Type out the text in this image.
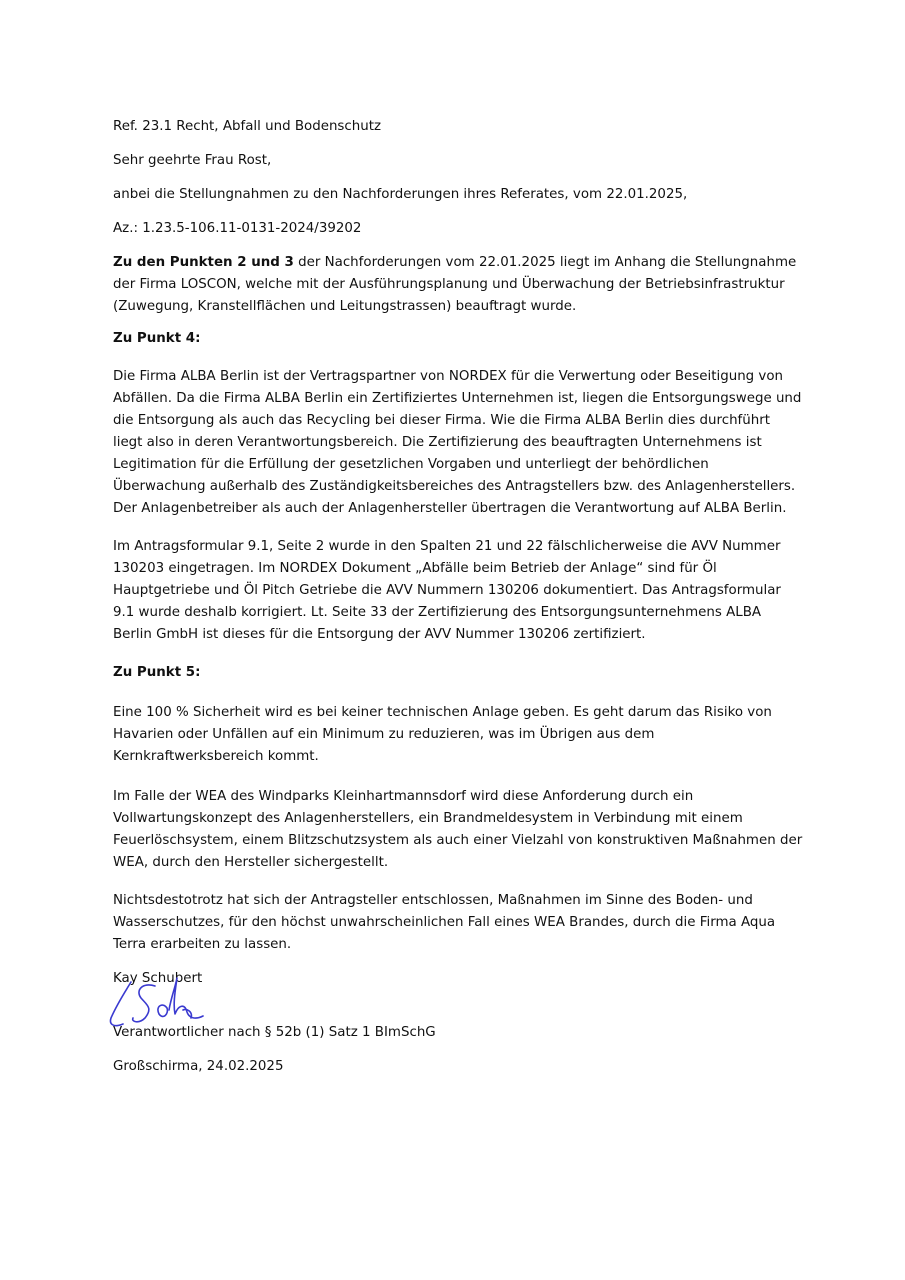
Ref. 23.1 Recht, Abfall und Bodenschutz

Sehr geehrte Frau Rost,

anbei die Stellungnahmen zu den Nachforderungen ihres Referates, vom 22.01.2025,

Az.: 1.23.5-106.11-0131-2024/39202

Zu den Punkten 2 und 3 der Nachforderungen vom 22.01.2025 liegt im Anhang die Stellungnahme der Firma LOSCON, welche mit der Ausführungsplanung und Überwachung der Betriebsinfrastruktur (Zuwegung, Kranstellflächen und Leitungstrassen) beauftragt wurde.

Zu Punkt 4:

Die Firma ALBA Berlin ist der Vertragspartner von NORDEX für die Verwertung oder Beseitigung von Abfällen. Da die Firma ALBA Berlin ein Zertifiziertes Unternehmen ist, liegen die Entsorgungswege und die Entsorgung als auch das Recycling bei dieser Firma. Wie die Firma ALBA Berlin dies durchführt liegt also in deren Verantwortungsbereich. Die Zertifizierung des beauftragten Unternehmens ist Legitimation für die Erfüllung der gesetzlichen Vorgaben und unterliegt der behördlichen Überwachung außerhalb des Zuständigkeitsbereiches des Antragstellers bzw. des Anlagenherstellers. Der Anlagenbetreiber als auch der Anlagenhersteller übertragen die Verantwortung auf ALBA Berlin.

Im Antragsformular 9.1, Seite 2 wurde in den Spalten 21 und 22 fälschlicherweise die AVV Nummer 130203 eingetragen. Im NORDEX Dokument „Abfälle beim Betrieb der Anlage“ sind für Öl Hauptgetriebe und Öl Pitch Getriebe die AVV Nummern 130206 dokumentiert. Das Antragsformular 9.1 wurde deshalb korrigiert. Lt. Seite 33 der Zertifizierung des Entsorgungsunternehmens ALBA Berlin GmbH ist dieses für die Entsorgung der AVV Nummer 130206 zertifiziert.

Zu Punkt 5:

Eine 100 % Sicherheit wird es bei keiner technischen Anlage geben. Es geht darum das Risiko von Havarien oder Unfällen auf ein Minimum zu reduzieren, was im Übrigen aus dem Kernkraftwerksbereich kommt.

Im Falle der WEA des Windparks Kleinhartmannsdorf wird diese Anforderung durch ein Vollwartungskonzept des Anlagenherstellers, ein Brandmeldesystem in Verbindung mit einem Feuerlöschsystem, einem Blitzschutzsystem als auch einer Vielzahl von konstruktiven Maßnahmen der WEA, durch den Hersteller sichergestellt.

Nichtsdestotrotz hat sich der Antragsteller entschlossen, Maßnahmen im Sinne des Boden- und Wasserschutzes, für den höchst unwahrscheinlichen Fall eines WEA Brandes, durch die Firma Aqua Terra erarbeiten zu lassen.

Kay Schubert
Verantwortlicher nach § 52b (1) Satz 1 BImSchG

Großschirma, 24.02.2025
